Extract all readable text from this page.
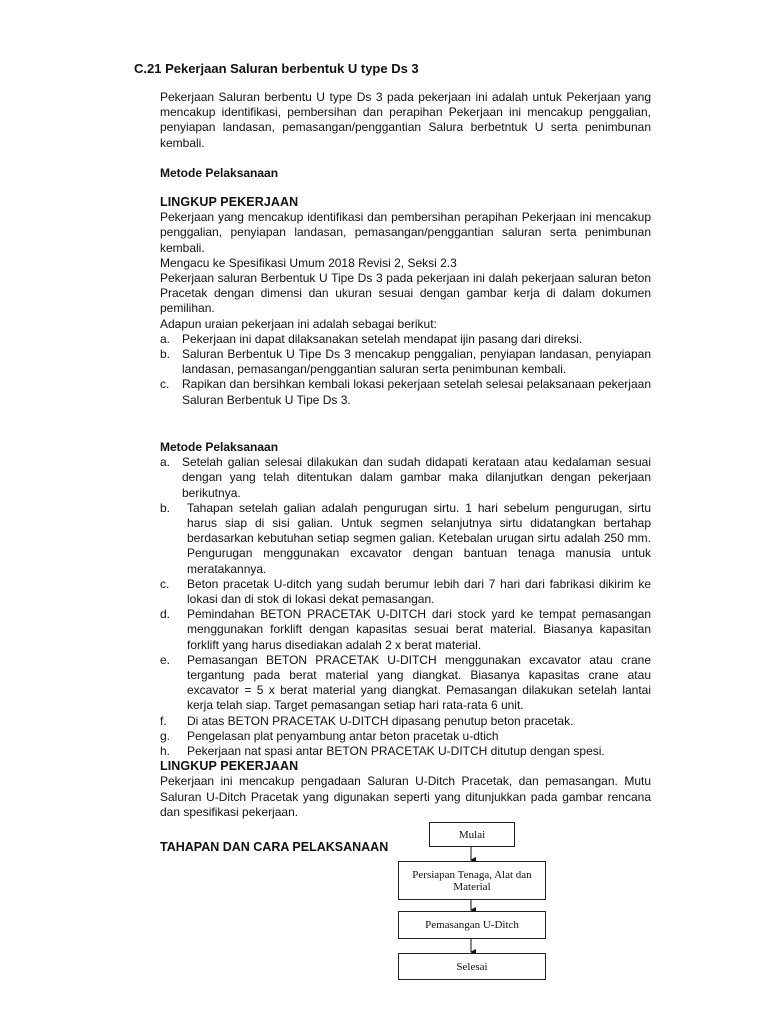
C.21 Pekerjaan Saluran berbentuk U type Ds 3

Pekerjaan Saluran berbentu U type Ds 3 pada pekerjaan ini adalah untuk Pekerjaan yang mencakup identifikasi, pembersihan dan perapihan Pekerjaan ini mencakup penggalian, penyiapan landasan, pemasangan/penggantian Salura berbetntuk U serta penimbunan kembali.

Metode Pelaksanaan
LINGKUP PEKERJAAN

Pekerjaan yang mencakup identifikasi dan pembersihan perapihan Pekerjaan ini mencakup penggalian, penyiapan landasan, pemasangan/penggantian saluran serta penimbunan kembali.

Mengacu ke Spesifikasi Umum 2018 Revisi 2, Seksi 2.3

Pekerjaan saluran Berbentuk U Tipe Ds 3 pada pekerjaan ini dalah pekerjaan saluran beton Pracetak dengan dimensi dan ukuran sesuai dengan gambar kerja di dalam dokumen pemilihan.

Adapun uraian pekerjaan ini adalah sebagai berikut:

a. Pekerjaan ini dapat dilaksanakan setelah mendapat ijin pasang dari direksi.
b. Saluran Berbentuk U Tipe Ds 3 mencakup penggalian, penyiapan landasan, penyiapan landasan, pemasangan/penggantian saluran serta penimbunan kembali.
c. Rapikan dan bersihkan kembali lokasi pekerjaan setelah selesai pelaksanaan pekerjaan Saluran Berbentuk U Tipe Ds 3.
Metode Pelaksanaan
a. Setelah galian selesai dilakukan dan sudah didapati kerataan atau kedalaman sesuai dengan yang telah ditentukan dalam gambar maka dilanjutkan dengan pekerjaan berikutnya.
b. Tahapan setelah galian adalah pengurugan sirtu. 1 hari sebelum pengurugan, sirtu harus siap di sisi galian. Untuk segmen selanjutnya sirtu didatangkan bertahap berdasarkan kebutuhan setiap segmen galian. Ketebalan urugan sirtu adalah 250 mm. Pengurugan menggunakan excavator dengan bantuan tenaga manusia untuk meratakannya.
c. Beton pracetak U-ditch yang sudah berumur lebih dari 7 hari dari fabrikasi dikirim ke lokasi dan di stok di lokasi dekat pemasangan.
d. Pemindahan BETON PRACETAK U-DITCH dari stock yard ke tempat pemasangan menggunakan forklift dengan kapasitas sesuai berat material. Biasanya kapasitan forklift yang harus disediakan adalah 2 x berat material.
e. Pemasangan BETON PRACETAK U-DITCH menggunakan excavator atau crane tergantung pada berat material yang diangkat. Biasanya kapasitas crane atau excavator = 5 x berat material yang diangkat. Pemasangan dilakukan setelah lantai kerja telah siap. Target pemasangan setiap hari rata-rata 6 unit.
f. Di atas BETON PRACETAK U-DITCH dipasang penutup beton pracetak.
g. Pengelasan plat penyambung antar beton pracetak u-dtich
h. Pekerjaan nat spasi antar BETON PRACETAK U-DITCH ditutup dengan spesi.
LINGKUP PEKERJAAN

Pekerjaan ini mencakup pengadaan Saluran U-Ditch Pracetak, dan pemasangan. Mutu Saluran U-Ditch Pracetak yang digunakan seperti yang ditunjukkan pada gambar rencana dan spesifikasi pekerjaan.

TAHAPAN DAN CARA PELAKSANAAN
Mulai
Persiapan Tenaga, Alat dan Material
Pemasangan U-Ditch
Selesai
